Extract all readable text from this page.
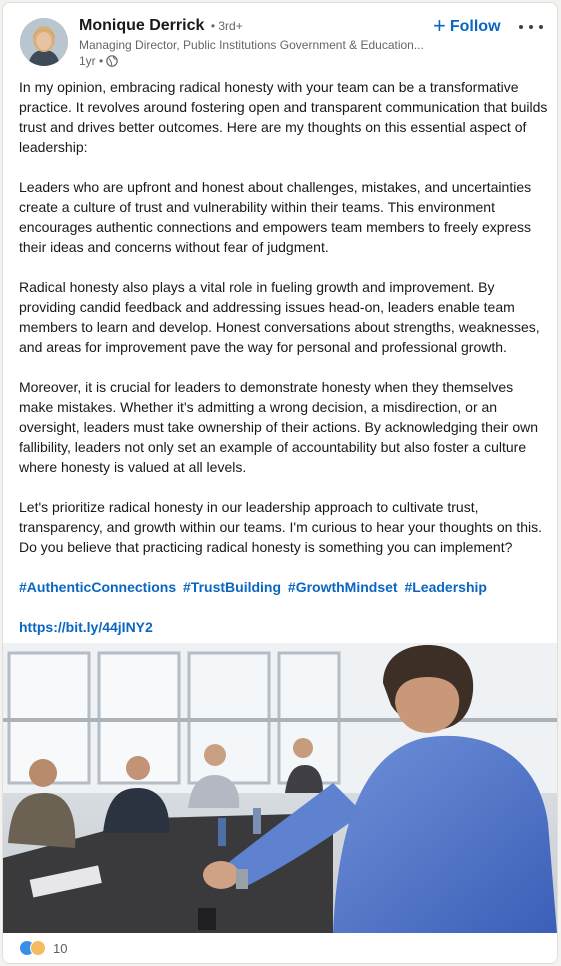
Monique Derrick • 3rd+
Managing Director, Public Institutions Government & Education...
1yr •
+ Follow

In my opinion, embracing radical honesty with your team can be a transformative practice. It revolves around fostering open and transparent communication that builds trust and drives better outcomes. Here are my thoughts on this essential aspect of leadership:

Leaders who are upfront and honest about challenges, mistakes, and uncertainties create a culture of trust and vulnerability within their teams. This environment encourages authentic connections and empowers team members to freely express their ideas and concerns without fear of judgment.

Radical honesty also plays a vital role in fueling growth and improvement. By providing candid feedback and addressing issues head-on, leaders enable team members to learn and develop. Honest conversations about strengths, weaknesses, and areas for improvement pave the way for personal and professional growth.

Moreover, it is crucial for leaders to demonstrate honesty when they themselves make mistakes. Whether it's admitting a wrong decision, a misdirection, or an oversight, leaders must take ownership of their actions. By acknowledging their own fallibility, leaders not only set an example of accountability but also foster a culture where honesty is valued at all levels.

Let's prioritize radical honesty in our leadership approach to cultivate trust, transparency, and growth within our teams. I'm curious to hear your thoughts on this. Do you believe that practicing radical honesty is something you can implement?

#AuthenticConnections #TrustBuilding #GrowthMindset #Leadership

https://bit.ly/44jINY2

10
